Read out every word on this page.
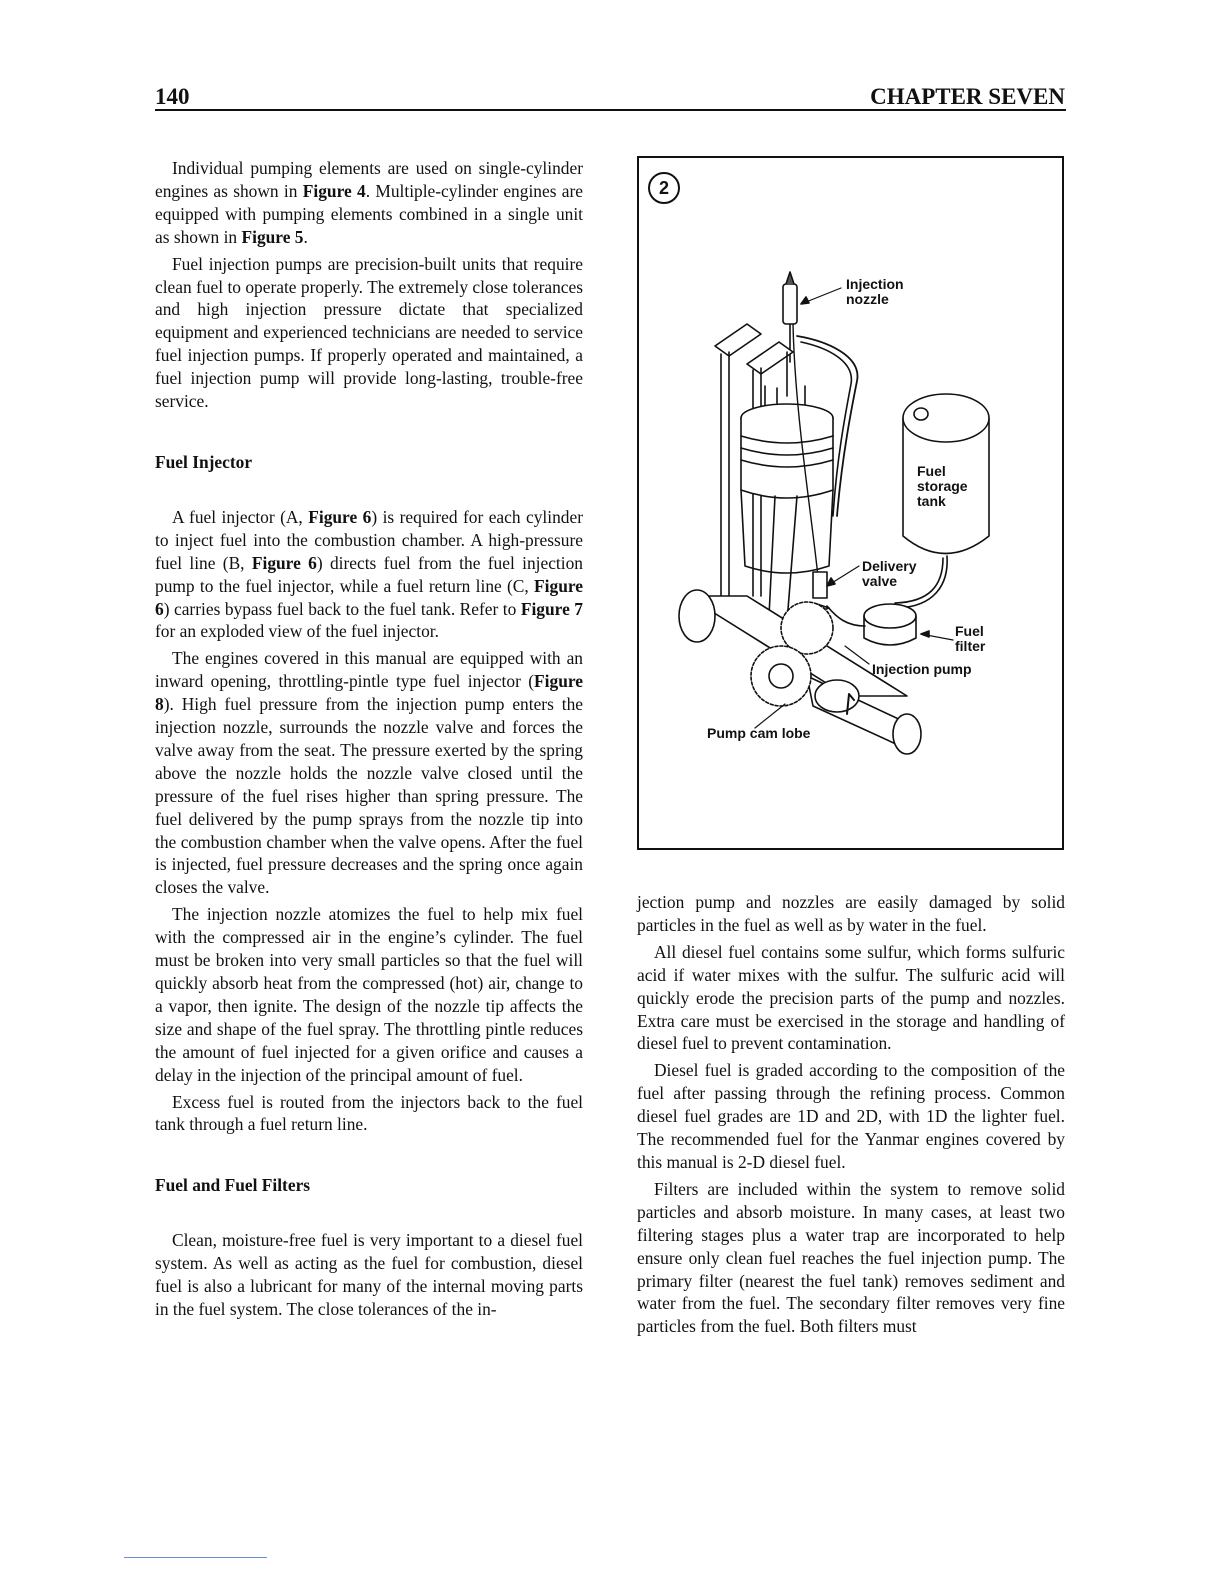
140	CHAPTER SEVEN

Individual pumping elements are used on single-cylinder engines as shown in Figure 4. Multiple-cylinder engines are equipped with pumping elements combined in a single unit as shown in Figure 5.

Fuel injection pumps are precision-built units that require clean fuel to operate properly. The extremely close tolerances and high injection pressure dictate that specialized equipment and experienced technicians are needed to service fuel injection pumps. If properly operated and maintained, a fuel injection pump will provide long-lasting, trouble-free service.

Fuel Injector

A fuel injector (A, Figure 6) is required for each cylinder to inject fuel into the combustion chamber. A high-pressure fuel line (B, Figure 6) directs fuel from the fuel injection pump to the fuel injector, while a fuel return line (C, Figure 6) carries bypass fuel back to the fuel tank. Refer to Figure 7 for an exploded view of the fuel injector.

The engines covered in this manual are equipped with an inward opening, throttling-pintle type fuel injector (Figure 8). High fuel pressure from the injection pump enters the injection nozzle, surrounds the nozzle valve and forces the valve away from the seat. The pressure exerted by the spring above the nozzle holds the nozzle valve closed until the pressure of the fuel rises higher than spring pressure. The fuel delivered by the pump sprays from the nozzle tip into the combustion chamber when the valve opens. After the fuel is injected, fuel pressure decreases and the spring once again closes the valve.

The injection nozzle atomizes the fuel to help mix fuel with the compressed air in the engine’s cylinder. The fuel must be broken into very small particles so that the fuel will quickly absorb heat from the compressed (hot) air, change to a vapor, then ignite. The design of the nozzle tip affects the size and shape of the fuel spray. The throttling pintle reduces the amount of fuel injected for a given orifice and causes a delay in the injection of the principal amount of fuel.

Excess fuel is routed from the injectors back to the fuel tank through a fuel return line.

Fuel and Fuel Filters

Clean, moisture-free fuel is very important to a diesel fuel system. As well as acting as the fuel for combustion, diesel fuel is also a lubricant for many of the internal moving parts in the fuel system. The close tolerances of the in-

2
Injection
nozzle
Fuel
storage
tank
Delivery
valve
Fuel
filter
Injection pump
Pump cam lobe

jection pump and nozzles are easily damaged by solid particles in the fuel as well as by water in the fuel.

All diesel fuel contains some sulfur, which forms sulfuric acid if water mixes with the sulfur. The sulfuric acid will quickly erode the precision parts of the pump and nozzles. Extra care must be exercised in the storage and handling of diesel fuel to prevent contamination.

Diesel fuel is graded according to the composition of the fuel after passing through the refining process. Common diesel fuel grades are 1D and 2D, with 1D the lighter fuel. The recommended fuel for the Yanmar engines covered by this manual is 2-D diesel fuel.

Filters are included within the system to remove solid particles and absorb moisture. In many cases, at least two filtering stages plus a water trap are incorporated to help ensure only clean fuel reaches the fuel injection pump. The primary filter (nearest the fuel tank) removes sediment and water from the fuel. The secondary filter removes very fine particles from the fuel. Both filters must
